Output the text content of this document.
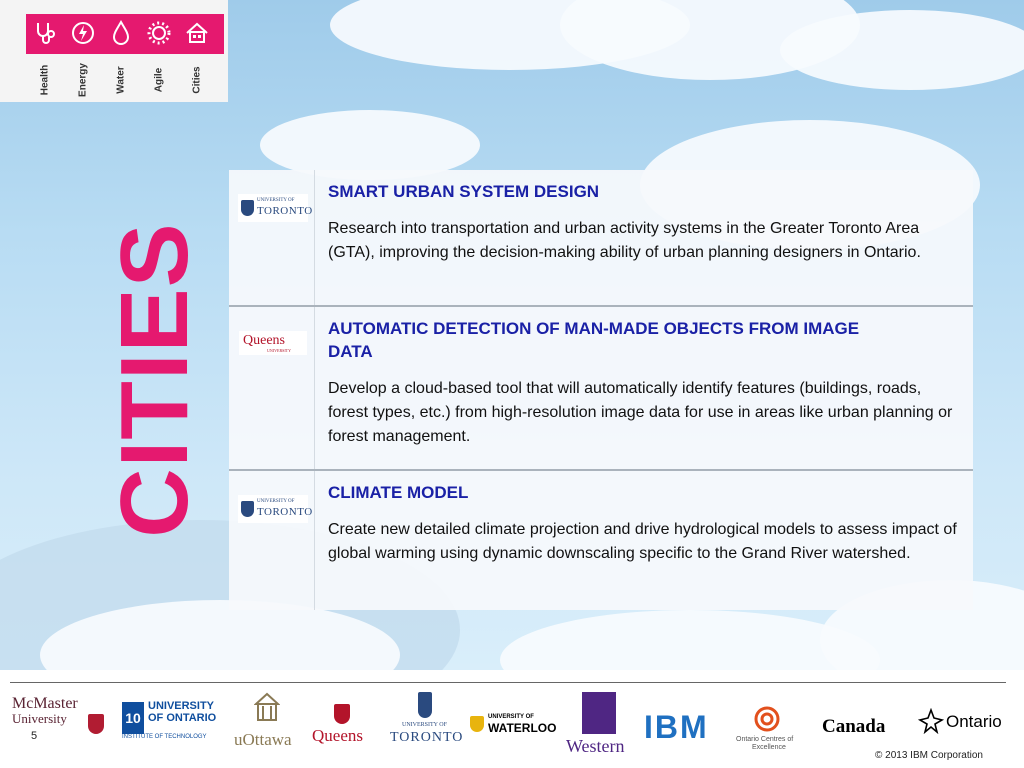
Health	Energy	Water	Agile	Cities
CITIES
UNIVERSITY OF
TORONTO
SMART URBAN SYSTEM DESIGN

Research into transportation and urban activity systems in the Greater Toronto Area (GTA), improving the decision-making ability of urban planning designers in Ontario.

Queens
UNIVERSITY
AUTOMATIC DETECTION OF MAN-MADE OBJECTS FROM IMAGE DATA

Develop a cloud-based tool that will automatically identify features (buildings, roads, forest types, etc.) from high-resolution image data for use in areas like urban planning or forest management.

UNIVERSITY OF
TORONTO
CLIMATE MODEL

Create new detailed climate projection and drive hydrological models to assess impact of global warming using dynamic downscaling specific to the Grand River watershed.

McMaster
University	10
UNIVERSITY
OF ONTARIO
INSTITUTE OF TECHNOLOGY uOttawa Queens
UNIVERSITY OF
TORONTO
UNIVERSITY OF
WATERLOO
Western
IBM	Ontario Centres of
Excellence
Canada	Ontario
5
© 2013 IBM Corporation
